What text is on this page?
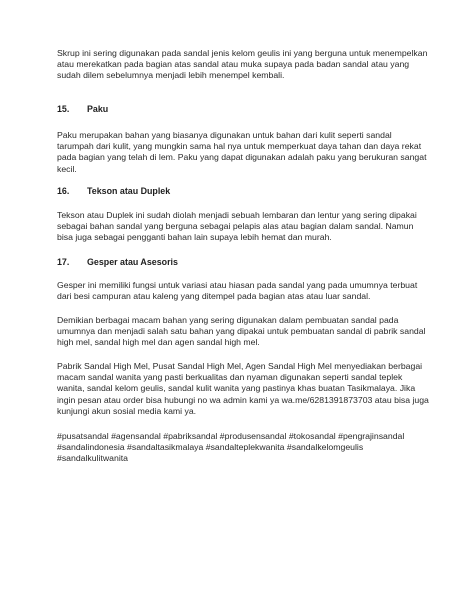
Skrup ini sering digunakan pada sandal jenis kelom geulis ini yang berguna untuk menempelkan atau merekatkan pada bagian atas sandal atau muka supaya pada badan sandal atau yang sudah dilem sebelumnya menjadi lebih menempel kembali.

15. Paku

Paku merupakan bahan yang biasanya digunakan untuk bahan dari kulit seperti sandal tarumpah dari kulit, yang mungkin sama hal nya untuk memperkuat daya tahan dan daya rekat pada bagian yang telah di lem. Paku yang dapat digunakan adalah paku yang berukuran sangat kecil.

16. Tekson atau Duplek

Tekson atau Duplek ini sudah diolah menjadi sebuah lembaran dan lentur yang sering dipakai sebagai bahan sandal yang berguna sebagai pelapis alas atau bagian dalam sandal. Namun bisa juga sebagai pengganti bahan lain supaya lebih hemat dan murah.

17. Gesper atau Asesoris

Gesper ini memiliki fungsi untuk variasi atau hiasan pada sandal yang pada umumnya terbuat dari besi campuran atau kaleng yang ditempel pada bagian atas atau luar sandal.

Demikian berbagai macam bahan yang sering digunakan dalam pembuatan sandal pada umumnya dan menjadi salah satu bahan yang dipakai untuk pembuatan sandal di pabrik sandal high mel, sandal high mel dan agen sandal high mel.

Pabrik Sandal High Mel, Pusat Sandal High Mel, Agen Sandal High Mel menyediakan berbagai macam sandal wanita yang pasti berkualitas dan nyaman digunakan seperti sandal teplek wanita, sandal kelom geulis, sandal kulit wanita yang pastinya khas buatan Tasikmalaya. Jika ingin pesan atau order bisa hubungi no wa admin kami ya wa.me/6281391873703 atau bisa juga kunjungi akun sosial media kami ya.

#pusatsandal #agensandal #pabriksandal #produsensandal #tokosandal #pengrajinsandal #sandalindonesia #sandaltasikmalaya #sandalteplekwanita #sandalkelomgeulis #sandalkulitwanita
